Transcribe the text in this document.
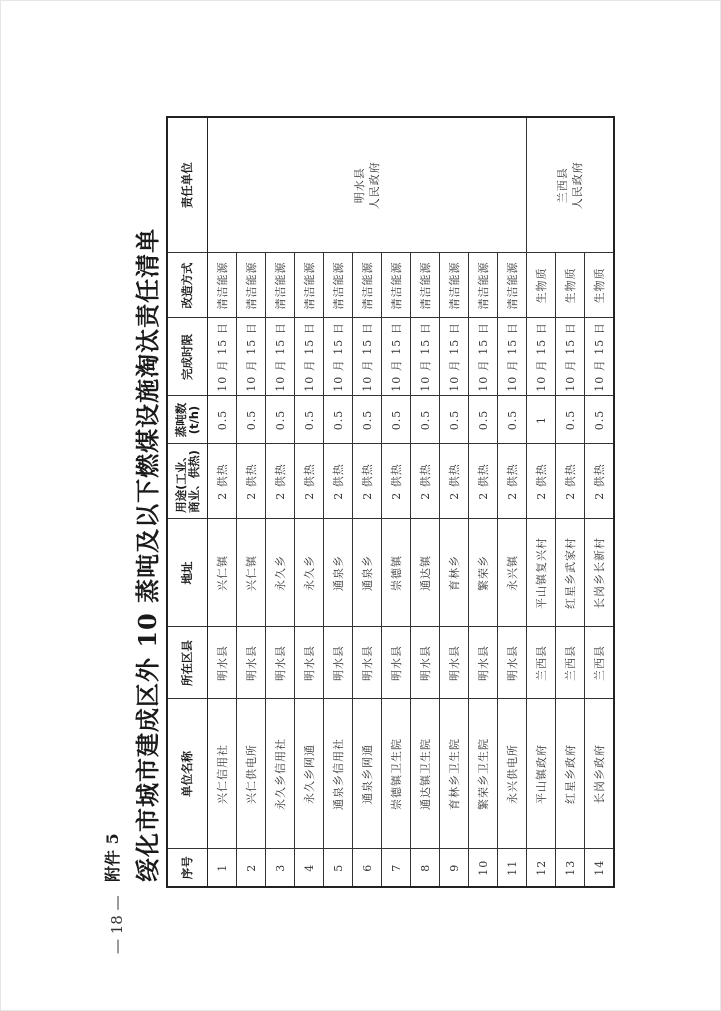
— 18 —
附件 5 绥化市城市建成区外 10 蒸吨及以下燃煤设施淘汰责任清单 序号	单位名称	所在区县	地址	用途(工业、商业、供热)	蒸吨数(t/h)	完成时限	改造方式	责任单位
1	兴仁信用社	明水县	兴仁镇	2 供热	0.5	10 月 15 日	清洁能源	明水县 人民政府

2	兴仁供电所	明水县	兴仁镇	2 供热	0.5	10 月 15 日	清洁能源	
3	永久乡信用社	明水县	永久乡	2 供热	0.5	10 月 15 日	清洁能源	
4	永久乡网通	明水县	永久乡	2 供热	0.5	10 月 15 日	清洁能源	
5	通泉乡信用社	明水县	通泉乡	2 供热	0.5	10 月 15 日	清洁能源	
6	通泉乡网通	明水县	通泉乡	2 供热	0.5	10 月 15 日	清洁能源	
7	崇德镇卫生院	明水县	崇德镇	2 供热	0.5	10 月 15 日	清洁能源	
8	通达镇卫生院	明水县	通达镇	2 供热	0.5	10 月 15 日	清洁能源	
9	育林乡卫生院	明水县	育林乡	2 供热	0.5	10 月 15 日	清洁能源	
10	繁荣乡卫生院	明水县	繁荣乡	2 供热	0.5	10 月 15 日	清洁能源	
11	永兴供电所	明水县	永兴镇	2 供热	0.5	10 月 15 日	清洁能源	
12	平山镇政府	兰西县	平山镇复兴村	2 供热	1	10 月 15 日	生物质	兰西县 人民政府

13	红星乡政府	兰西县	红星乡武家村	2 供热	0.5	10 月 15 日	生物质	
14	长岗乡政府	兰西县	长岗乡长新村	2 供热	0.5	10 月 15 日	生物质	
